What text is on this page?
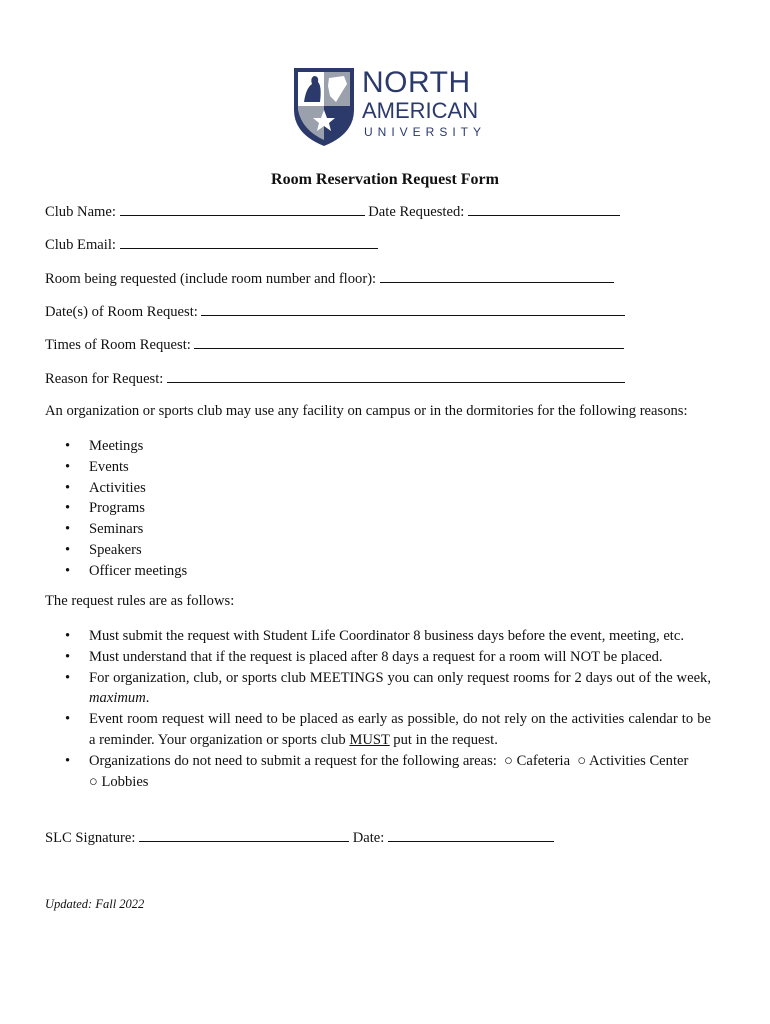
NORTH
AMERICAN
UNIVERSITY
Room Reservation Request Form
Club Name:	Date Requested:
Club Email:
Room being requested (include room number and floor):
Date(s) of Room Request:
Times of Room Request:
Reason for Request:
An organization or sports club may use any facility on campus or in the dormitories for the following reasons:
• Meetings
• Events
• Activities
• Programs
• Seminars
• Speakers
• Officer meetings
The request rules are as follows:
• Must submit the request with Student Life Coordinator 8 business days before the event, meeting, etc.
• Must understand that if the request is placed after 8 days a request for a room will NOT be placed.
• For organization, club, or sports club MEETINGS you can only request rooms for 2 days out of the week, maximum.
• Event room request will need to be placed as early as possible, do not rely on the activities calendar to be a reminder. Your organization or sports club MUST put in the request.
• Organizations do not need to submit a request for the following areas: ○ Cafeteria ○ Activities Center
○ Lobbies
SLC Signature:	Date:
Updated: Fall 2022
